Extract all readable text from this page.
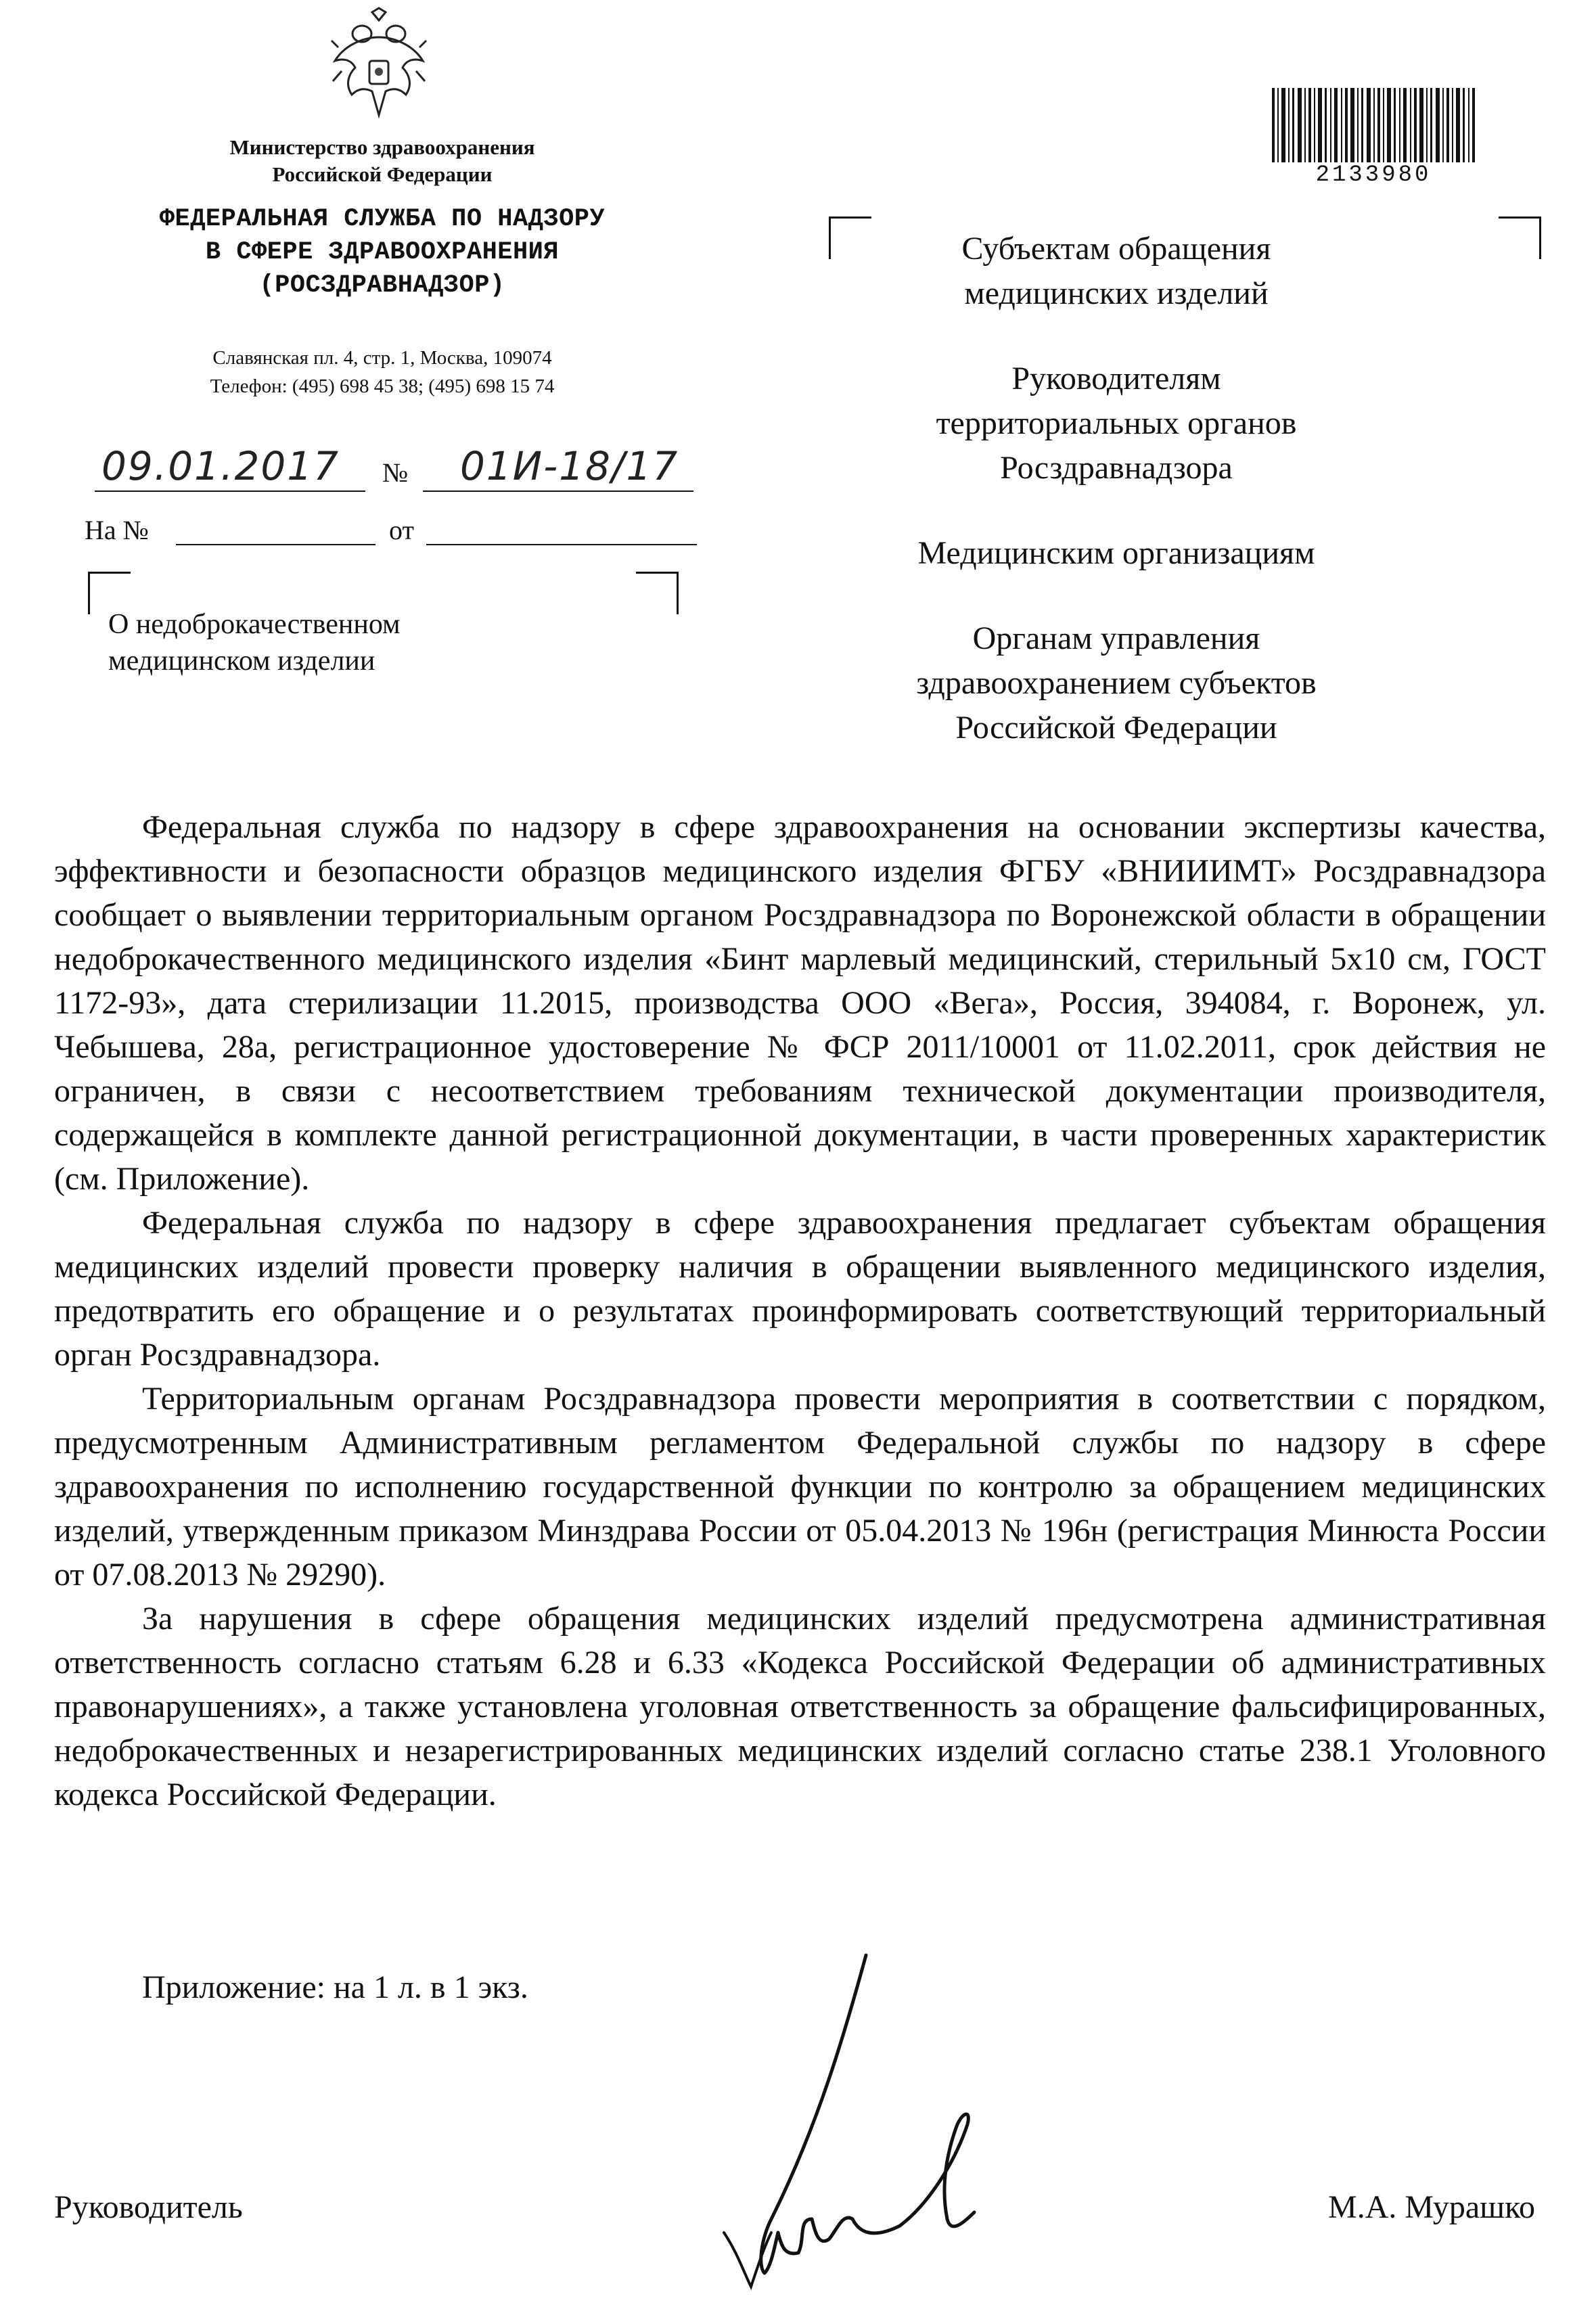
Министерство здравоохранения
Российской Федерации
ФЕДЕРАЛЬНАЯ СЛУЖБА ПО НАДЗОРУ
В СФЕРЕ ЗДРАВООХРАНЕНИЯ
(РОСЗДРАВНАДЗОР)
Славянская пл. 4, стр. 1, Москва, 109074
Телефон: (495) 698 45 38; (495) 698 15 74
09.01.2017 № 01И-18/17
На №	от
О недоброкачественном
медицинском изделии
2133980
Субъектам обращения
медицинских изделий
Руководителям
территориальных органов
Росздравнадзора
Медицинским организациям
Органам управления
здравоохранением субъектов
Российской Федерации

Федеральная служба по надзору в сфере здравоохранения на основании экспертизы качества, эффективности и безопасности образцов медицинского изделия ФГБУ «ВНИИИМТ» Росздравнадзора сообщает о выявлении территориальным органом Росздравнадзора по Воронежской области в обращении недоброкачественного медицинского изделия «Бинт марлевый медицинский, стерильный 5х10 см, ГОСТ 1172-93», дата стерилизации 11.2015, производства ООО «Вега», Россия, 394084, г. Воронеж, ул. Чебышева, 28а, регистрационное удостоверение № ФСР 2011/10001 от 11.02.2011, срок действия не ограничен, в связи с несоответствием требованиям технической документации производителя, содержащейся в комплекте данной регистрационной документации, в части проверенных характеристик (см. Приложение).

Федеральная служба по надзору в сфере здравоохранения предлагает субъектам обращения медицинских изделий провести проверку наличия в обращении выявленного медицинского изделия, предотвратить его обращение и о результатах проинформировать соответствующий территориальный орган Росздравнадзора.

Территориальным органам Росздравнадзора провести мероприятия в соответствии с порядком, предусмотренным Административным регламентом Федеральной службы по надзору в сфере здравоохранения по исполнению государственной функции по контролю за обращением медицинских изделий, утвержденным приказом Минздрава России от 05.04.2013 № 196н (регистрация Минюста России от 07.08.2013 № 29290).

За нарушения в сфере обращения медицинских изделий предусмотрена административная ответственность согласно статьям 6.28 и 6.33 «Кодекса Российской Федерации об административных правонарушениях», а также установлена уголовная ответственность за обращение фальсифицированных, недоброкачественных и незарегистрированных медицинских изделий согласно статье 238.1 Уголовного кодекса Российской Федерации.

Приложение: на 1 л. в 1 экз.
Руководитель	М.А. Мурашко
